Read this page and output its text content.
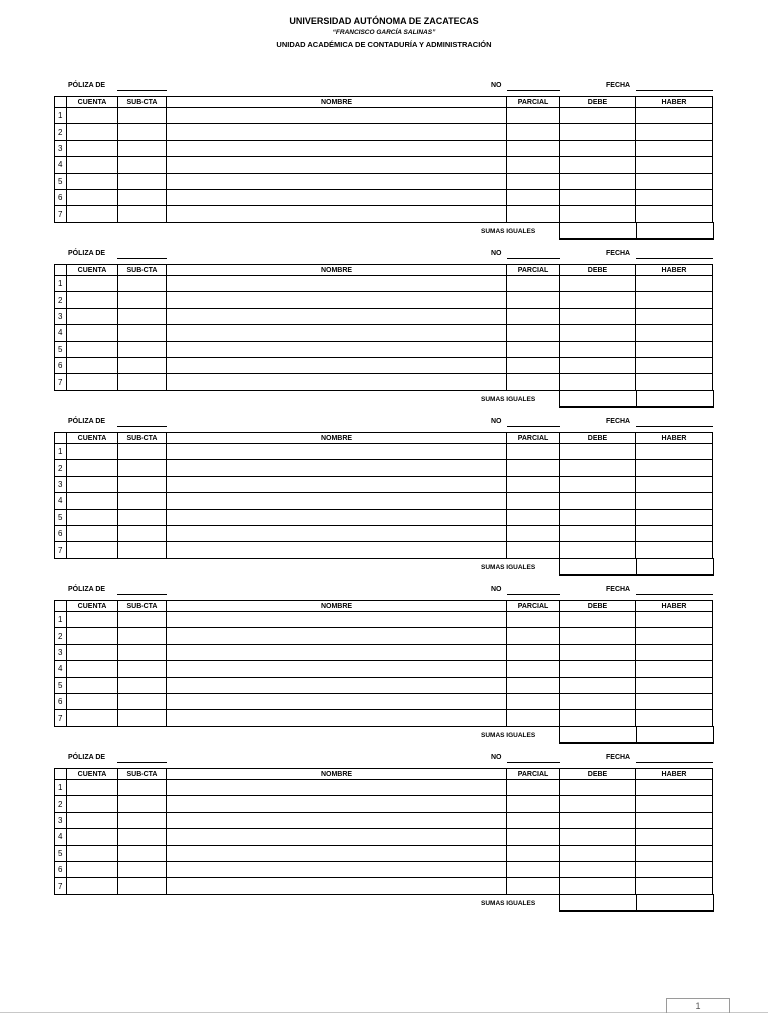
UNIVERSIDAD AUTÓNOMA DE ZACATECAS
“FRANCISCO GARCÍA SALINAS”
UNIDAD ACADÉMICA DE CONTADURÍA Y ADMINISTRACIÓN
PÓLIZA DE	NO	FECHA
	CUENTA	SUB-CTA	NOMBRE	PARCIAL	DEBE	HABER
1						
2						
3						
4						
5						
6						
7						
SUMAS IGUALES
PÓLIZA DE	NO	FECHA
	CUENTA	SUB-CTA	NOMBRE	PARCIAL	DEBE	HABER
1						
2						
3						
4						
5						
6						
7						
SUMAS IGUALES
PÓLIZA DE	NO	FECHA
	CUENTA	SUB-CTA	NOMBRE	PARCIAL	DEBE	HABER
1						
2						
3						
4						
5						
6						
7						
SUMAS IGUALES
PÓLIZA DE	NO	FECHA
	CUENTA	SUB-CTA	NOMBRE	PARCIAL	DEBE	HABER
1						
2						
3						
4						
5						
6						
7						
SUMAS IGUALES
PÓLIZA DE	NO	FECHA
	CUENTA	SUB-CTA	NOMBRE	PARCIAL	DEBE	HABER
1						
2						
3						
4						
5						
6						
7						
SUMAS IGUALES
1
